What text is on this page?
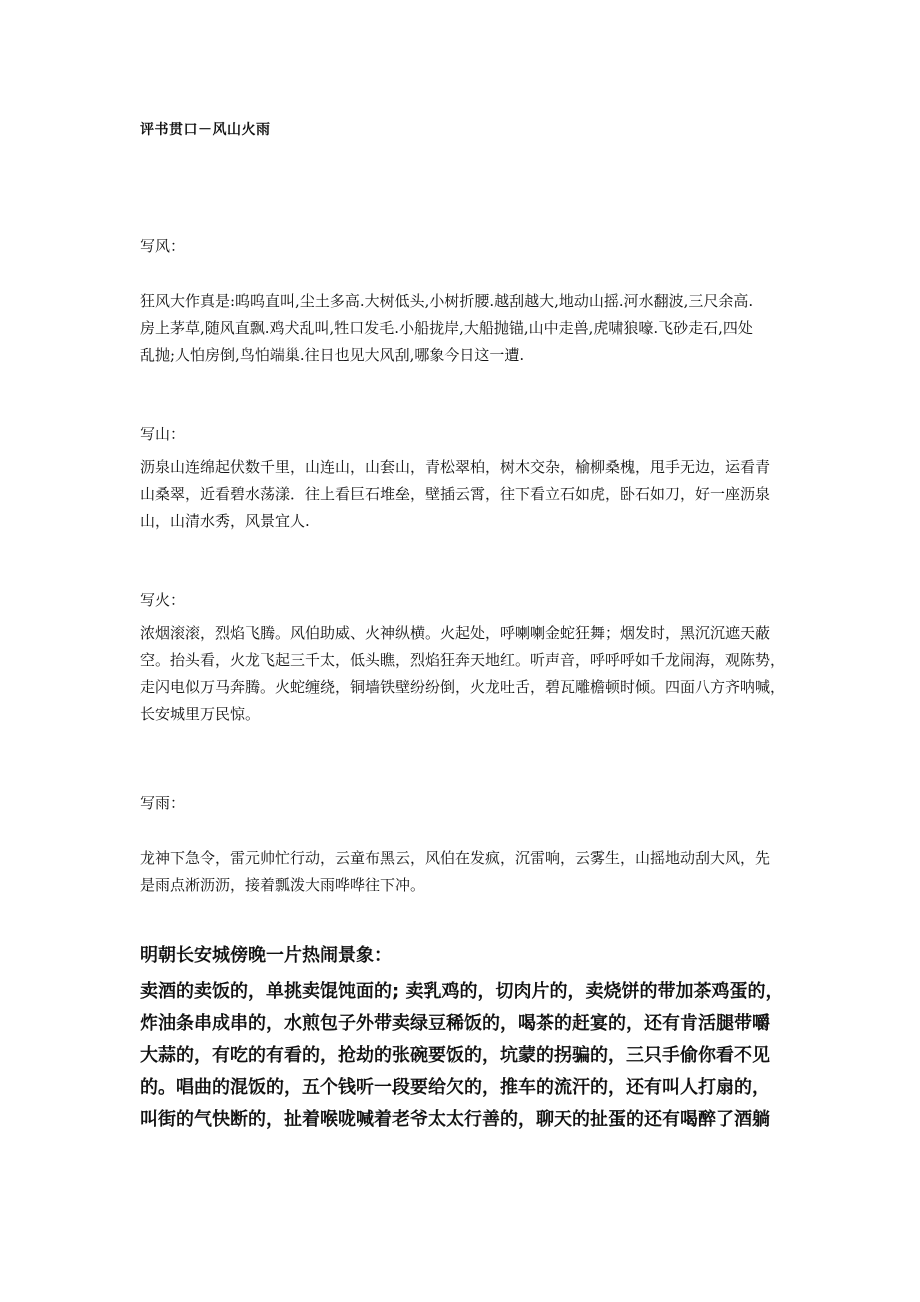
评书贯口－风山火雨
写风：
狂风大作真是:呜呜直叫,尘土多高.大树低头,小树折腰.越刮越大,地动山摇.河水翻波,三尺余高.
房上茅草,随风直飘.鸡犬乱叫,牲口发毛.小船拢岸,大船抛锚,山中走兽,虎啸狼嚎.飞砂走石,四处
乱抛;人怕房倒,鸟怕端巢.往日也见大风刮,哪象今日这一遭.
写山：
沥泉山连绵起伏数千里，山连山，山套山，青松翠柏，树木交杂，榆柳桑槐，甩手无边，运看青
山桑翠，近看碧水荡漾．往上看巨石堆垒，壁插云霄，往下看立石如虎，卧石如刀，好一座沥泉
山，山清水秀，风景宜人.
写火：
浓烟滚滚，烈焰飞腾。风伯助威、火神纵横。火起处，呼喇喇金蛇狂舞；烟发时，黑沉沉遮天蔽
空。抬头看，火龙飞起三千太，低头瞧，烈焰狂奔天地红。听声音，呼呼呼如千龙闹海，观陈势，
走闪电似万马奔腾。火蛇缠绕，铜墙铁壁纷纷倒，火龙吐舌，碧瓦雕檐顿时倾。四面八方齐呐喊，
长安城里万民惊。
写雨：
龙神下急令，雷元帅忙行动，云童布黑云，风伯在发疯，沉雷响，云雾生，山摇地动刮大风，先
是雨点淅沥沥，接着瓢泼大雨哗哗往下冲。
明朝长安城傍晚一片热闹景象：
卖酒的卖饭的，单挑卖馄饨面的; 卖乳鸡的，切肉片的，卖烧饼的带加茶鸡蛋的，
炸油条串成串的，水煎包子外带卖绿豆稀饭的，喝茶的赶宴的，还有肯活腿带嚼
大蒜的，有吃的有看的，抢劫的张碗要饭的，坑蒙的拐骗的，三只手偷你看不见
的。唱曲的混饭的，五个钱听一段要给欠的，推车的流汗的，还有叫人打扇的，
叫街的气快断的，扯着喉咙喊着老爷太太行善的，聊天的扯蛋的还有喝醉了酒躺
